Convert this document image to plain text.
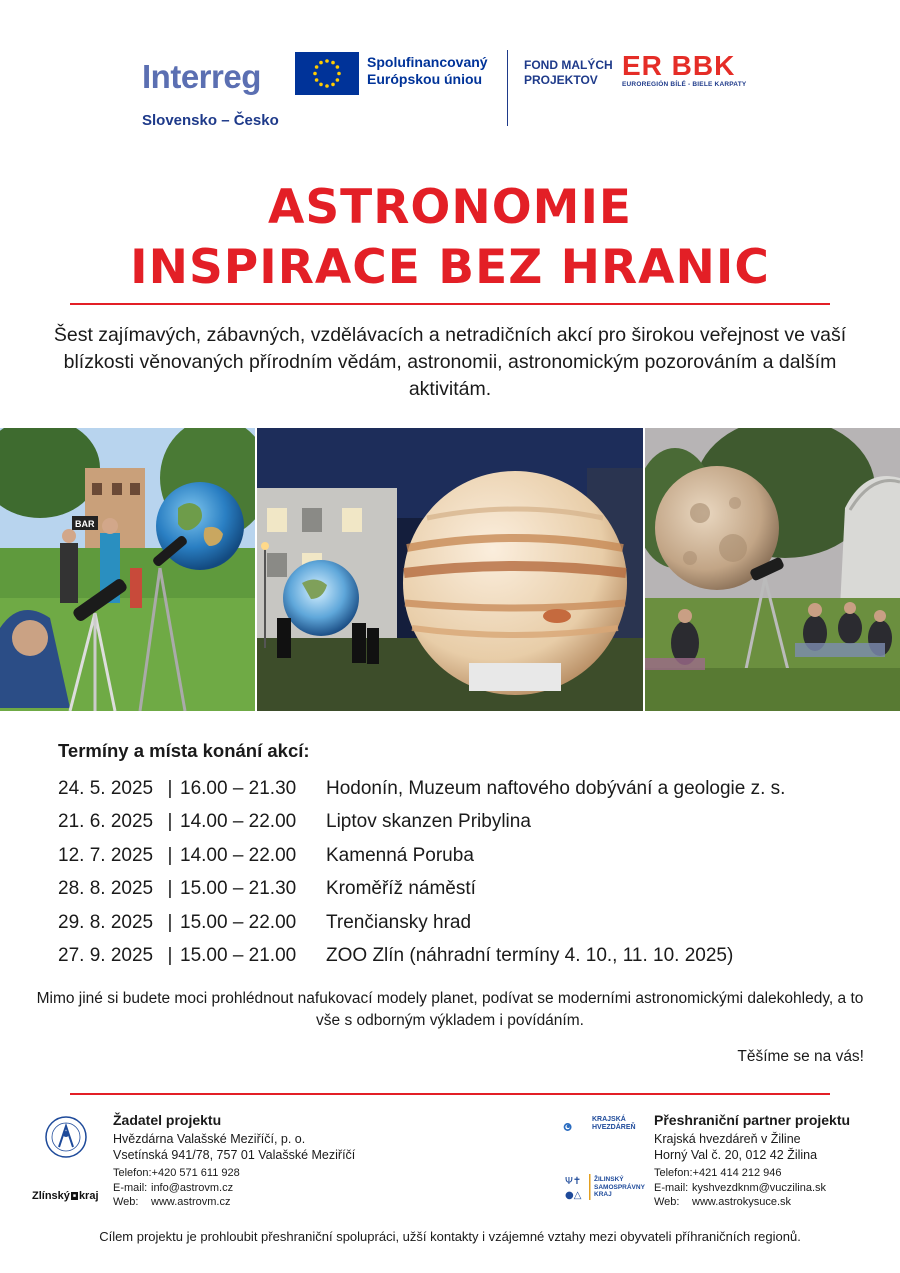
Interreg
Slovensko – Česko
Spolufinancovaný
Európskou úniou
FOND MALÝCH
PROJEKTOV ER BBK
EUROREGIÓN BÍLÉ - BIELE KARPATY
ASTRONOMIE
INSPIRACE BEZ HRANIC
Šest zajímavých, zábavných, vzdělávacích a netradičních akcí pro širokou veřejnost ve vaší blízkosti věnovaných přírodním vědám, astronomii, astronomickým pozorováním a dalším aktivitám.
BAR
Termíny a místa konání akcí:
24. 5. 2025 | 16.00 – 21.30	Hodonín, Muzeum naftového dobývání a geologie z. s.
21. 6. 2025 | 14.00 – 22.00	Liptov skanzen Pribylina
12. 7. 2025 | 14.00 – 22.00	Kamenná Poruba
28. 8. 2025 | 15.00 – 21.30	Kroměříž náměstí
29. 8. 2025 | 15.00 – 22.00	Trenčiansky hrad
27. 9. 2025 | 15.00 – 21.00	ZOO Zlín (náhradní termíny 4. 10., 11. 10. 2025)
Mimo jiné si budete moci prohlédnout nafukovací modely planet, podívat se moderními astronomickými dalekohledy, a to vše s odborným výkladem i povídáním.
Těšíme se na vás!
Zlínský ■ kraj
Žadatel projektu
Hvězdárna Valašské Meziříčí, p. o.
Vsetínská 941/78, 757 01 Valašské Meziříčí
Telefon:+420 571 611 928
E-mail: info@astrovm.cz
Web: www.astrovm.cz
KRAJSKÁ
HVEZDÁREŇ
Ψ✝
●△
ŽILINSKÝ
SAMOSPRÁVNY
KRAJ
Přeshraniční partner projektu
Krajská hvezdáreň v Žiline
Horný Val č. 20, 012 42 Žilina
Telefon:+421 414 212 946
E-mail: kyshvezdknm@vuczilina.sk
Web: www.astrokysuce.sk
Cílem projektu je prohloubit přeshraniční spolupráci, užší kontakty i vzájemné vztahy mezi obyvateli příhraničních regionů.
